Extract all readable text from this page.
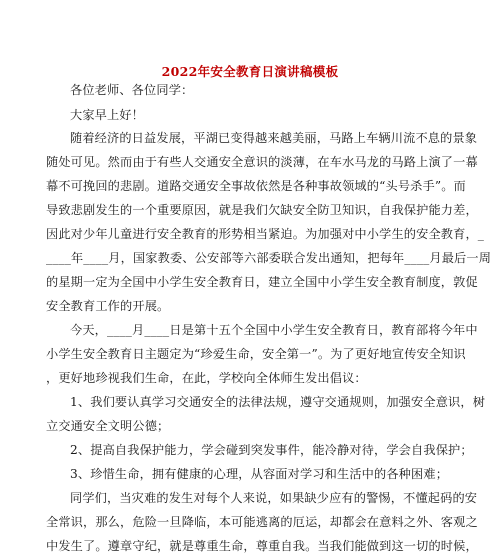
2022年安全教育日演讲稿模板
各位老师、各位同学：
大家早上好！
随着经济的日益发展，平湖已变得越来越美丽，马路上车辆川流不息的景象
随处可见。然而由于有些人交通安全意识的淡薄，在车水马龙的马路上演了一幕
幕不可挽回的悲剧。道路交通安全事故依然是各种事故领域的“头号杀手”。而
导致悲剧发生的一个重要原因，就是我们欠缺安全防卫知识，自我保护能力差，
因此对少年儿童进行安全教育的形势相当紧迫。为加强对中小学生的安全教育，_
____年____月，国家教委、公安部等六部委联合发出通知，把每年____月最后一周
的星期一定为全国中小学生安全教育日，建立全国中小学生安全教育制度，敦促
安全教育工作的开展。
今天，____月____日是第十五个全国中小学生安全教育日，教育部将今年中
小学生安全教育日主题定为“珍爱生命，安全第一”。为了更好地宣传安全知识
，更好地珍视我们生命，在此，学校向全体师生发出倡议：
1、我们要认真学习交通安全的法律法规，遵守交通规则，加强安全意识，树
立交通安全文明公德；
2、提高自我保护能力，学会碰到突发事件，能冷静对待，学会自我保护；
3、珍惜生命，拥有健康的心理，从容面对学习和生活中的各种困难；
同学们，当灾难的发生对每个人来说，如果缺少应有的警惕，不懂起码的安
全常识，那么，危险一旦降临，本可能逃离的厄运，却都会在意料之外、客观之
中发生了。遵章守纪，就是尊重生命，尊重自我。当我们能做到这一切的时候，
